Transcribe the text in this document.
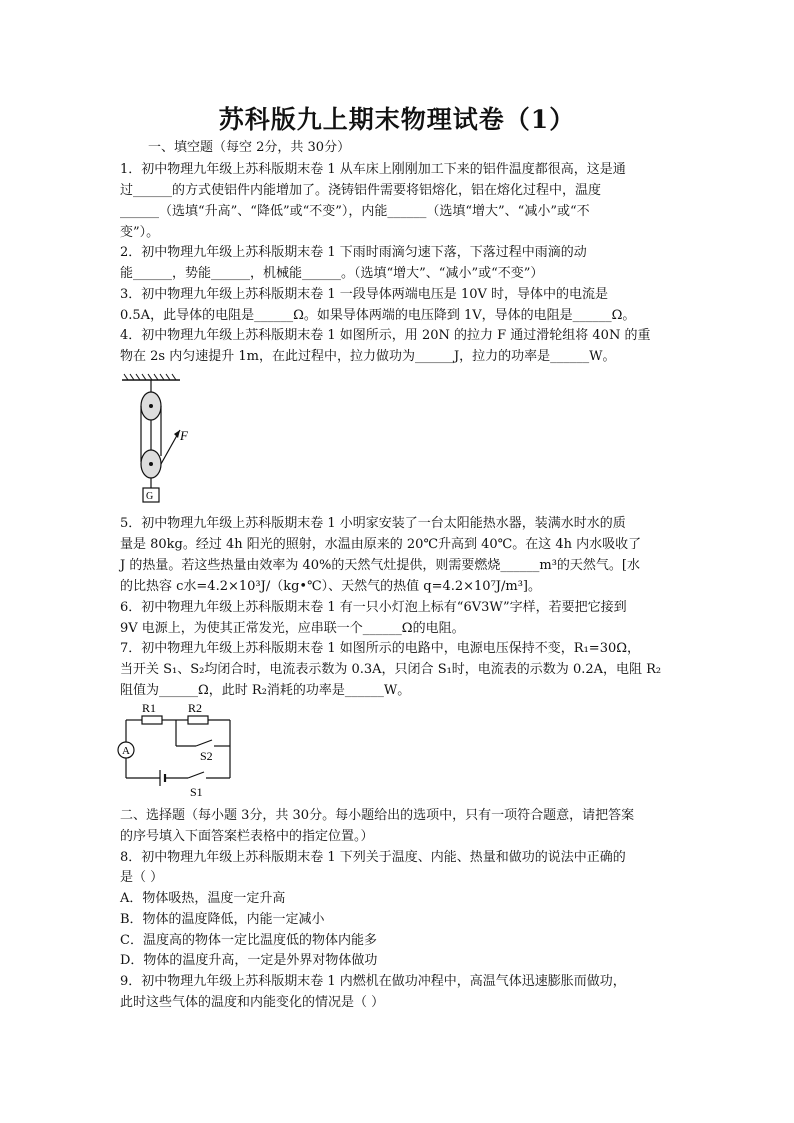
苏科版九上期末物理试卷（1）
一、填空题（每空 2分，共 30分）
1．初中物理九年级上苏科版期末卷 1 从车床上刚刚加工下来的铝件温度都很高，这是通
过______的方式使铝件内能增加了。浇铸铝件需要将铝熔化，铝在熔化过程中，温度
______（选填“升高”、“降低”或“不变”），内能______（选填“增大”、“减小”或“不
变”）。
2．初中物理九年级上苏科版期末卷 1 下雨时雨滴匀速下落，下落过程中雨滴的动
能______，势能______，机械能______。（选填“增大”、“减小”或“不变”）
3．初中物理九年级上苏科版期末卷 1 一段导体两端电压是 10V 时，导体中的电流是
0.5A，此导体的电阻是______Ω。如果导体两端的电压降到 1V，导体的电阻是______Ω。
4．初中物理九年级上苏科版期末卷 1 如图所示，用 20N 的拉力 F 通过滑轮组将 40N 的重
物在 2s 内匀速提升 1m，在此过程中，拉力做功为______J，拉力的功率是______W。
F
G
5．初中物理九年级上苏科版期末卷 1 小明家安装了一台太阳能热水器，装满水时水的质
量是 80kg。经过 4h 阳光的照射，水温由原来的 20℃升高到 40℃。在这 4h 内水吸收了
J 的热量。若这些热量由效率为 40%的天然气灶提供，则需要燃烧______m³的天然气。[水
的比热容 c水=4.2×10³J/（kg•℃）、天然气的热值 q=4.2×10⁷J/m³]。
6．初中物理九年级上苏科版期末卷 1 有一只小灯泡上标有“6V3W”字样，若要把它接到
9V 电源上，为使其正常发光，应串联一个______Ω的电阻。
7．初中物理九年级上苏科版期末卷 1 如图所示的电路中，电源电压保持不变，R₁=30Ω，
当开关 S₁、S₂均闭合时，电流表示数为 0.3A，只闭合 S₁时，电流表的示数为 0.2A，电阻 R₂
阻值为______Ω，此时 R₂消耗的功率是______W。
R1	R2
S2
A
S1
二、选择题（每小题 3分，共 30分。每小题给出的选项中，只有一项符合题意，请把答案
的序号填入下面答案栏表格中的指定位置。）
8．初中物理九年级上苏科版期末卷 1 下列关于温度、内能、热量和做功的说法中正确的
是（ ）
A．物体吸热，温度一定升高
B．物体的温度降低，内能一定减小
C．温度高的物体一定比温度低的物体内能多
D．物体的温度升高，一定是外界对物体做功
9．初中物理九年级上苏科版期末卷 1 内燃机在做功冲程中，高温气体迅速膨胀而做功，
此时这些气体的温度和内能变化的情况是（ ）
